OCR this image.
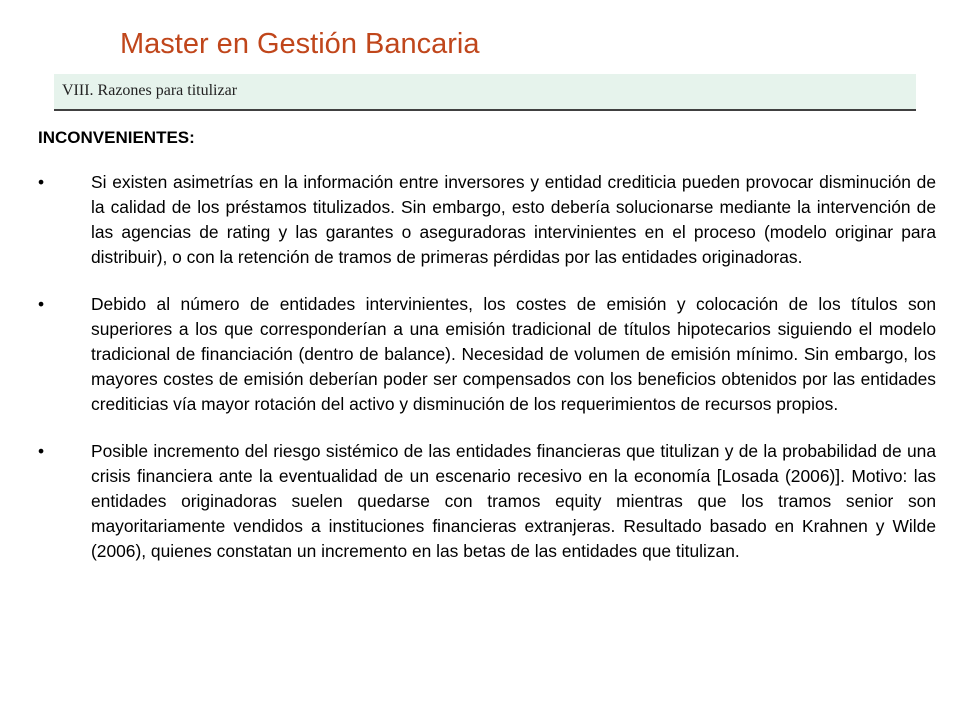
Master en Gestión Bancaria
VIII. Razones para titulizar
INCONVENIENTES:
•	Si existen asimetrías en la información entre inversores y entidad crediticia pueden provocar disminución de la calidad de los préstamos titulizados. Sin embargo, esto debería solucionarse mediante la intervención de las agencias de rating y las garantes o aseguradoras intervinientes en el proceso (modelo originar para distribuir), o con la retención de tramos de primeras pérdidas por las entidades originadoras.
•	Debido al número de entidades intervinientes, los costes de emisión y colocación de los títulos son superiores a los que corresponderían a una emisión tradicional de títulos hipotecarios siguiendo el modelo tradicional de financiación (dentro de balance). Necesidad de volumen de emisión mínimo. Sin embargo, los mayores costes de emisión deberían poder ser compensados con los beneficios obtenidos por las entidades crediticias vía mayor rotación del activo y disminución de los requerimientos de recursos propios.
•	Posible incremento del riesgo sistémico de las entidades financieras que titulizan y de la probabilidad de una crisis financiera ante la eventualidad de un escenario recesivo en la economía [Losada (2006)]. Motivo: las entidades originadoras suelen quedarse con tramos equity mientras que los tramos senior son mayoritariamente vendidos a instituciones financieras extranjeras. Resultado basado en Krahnen y Wilde (2006), quienes constatan un incremento en las betas de las entidades que titulizan.
